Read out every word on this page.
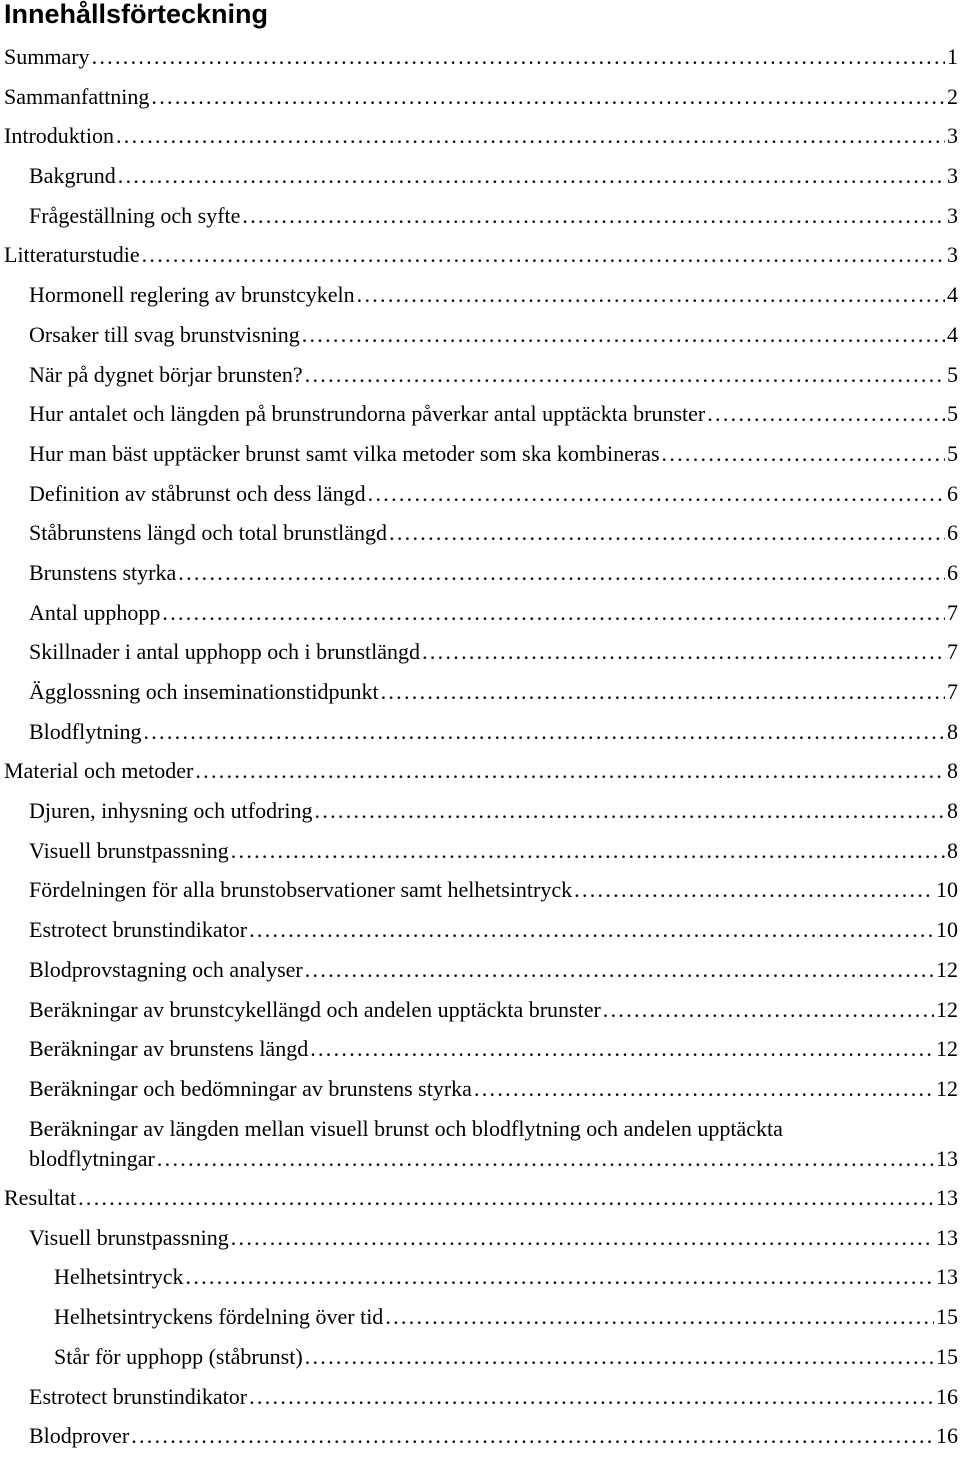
Innehållsförteckning
Summary . . .	1
Sammanfattning . . .	2
Introduktion . . .	3
Bakgrund . . .	3
Frågeställning och syfte . . .	3
Litteraturstudie . . .	3
Hormonell reglering av brunstcykeln . . .	4
Orsaker till svag brunstvisning . . .	4
När på dygnet börjar brunsten? . . .	5
Hur antalet och längden på brunstrundorna påverkar antal upptäckta brunster . . .	5
Hur man bäst upptäcker brunst samt vilka metoder som ska kombineras . . .	5
Definition av ståbrunst och dess längd . . .	6
Ståbrunstens längd och total brunstlängd . . .	6
Brunstens styrka . . .	6
Antal upphopp . . .	7
Skillnader i antal upphopp och i brunstlängd . . .	7
Ägglossning och inseminationstidpunkt . . .	7
Blodflytning . . .	8
Material och metoder . . .	8
Djuren, inhysning och utfodring . . .	8
Visuell brunstpassning . . .	8
Fördelningen för alla brunstobservationer samt helhetsintryck . . .	10
Estrotect brunstindikator . . .	10
Blodprovstagning och analyser . . .	12
Beräkningar av brunstcykellängd och andelen upptäckta brunster . . .	12
Beräkningar av brunstens längd . . .	12
Beräkningar och bedömningar av brunstens styrka . . .	12
Beräkningar av längden mellan visuell brunst och blodflytning och andelen upptäckta
blodflytningar . . .	13
Resultat . . .	13
Visuell brunstpassning . . .	13
Helhetsintryck . . .	13
Helhetsintryckens fördelning över tid . . .	15
Står för upphopp (ståbrunst) . . .	15
Estrotect brunstindikator . . .	16
Blodprover . . .	16
